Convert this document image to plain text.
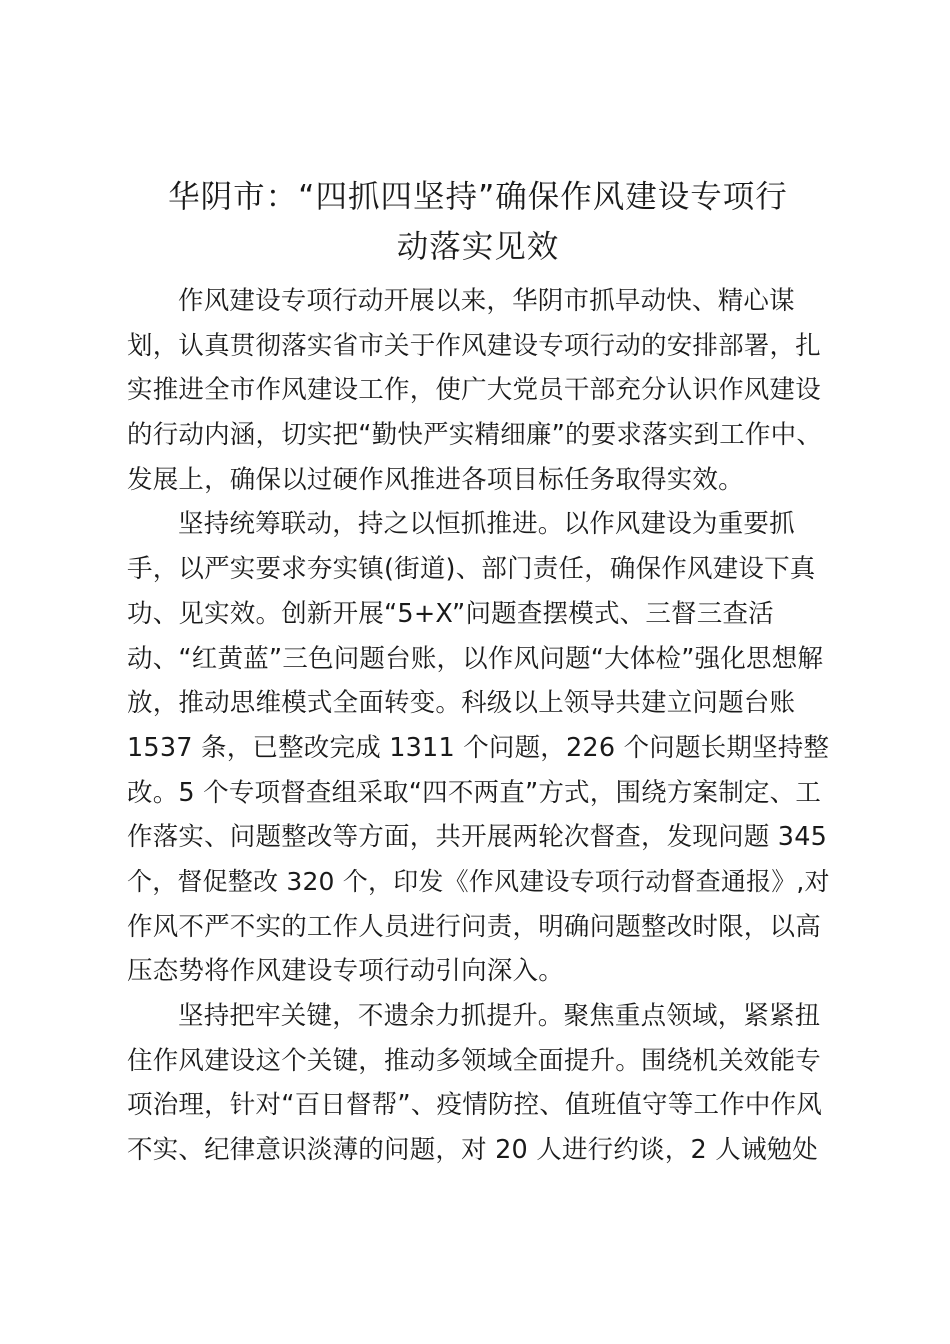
华阴市：“四抓四坚持”确保作风建设专项行
动落实见效
作风建设专项行动开展以来，华阴市抓早动快、精心谋
划，认真贯彻落实省市关于作风建设专项行动的安排部署，扎
实推进全市作风建设工作，使广大党员干部充分认识作风建设
的行动内涵，切实把“勤快严实精细廉”的要求落实到工作中、
发展上，确保以过硬作风推进各项目标任务取得实效。
坚持统筹联动，持之以恒抓推进。以作风建设为重要抓
手，以严实要求夯实镇(街道)、部门责任，确保作风建设下真
功、见实效。创新开展“5+X”问题查摆模式、三督三查活
动、“红黄蓝”三色问题台账，以作风问题“大体检”强化思想解
放，推动思维模式全面转变。科级以上领导共建立问题台账
1537 条，已整改完成 1311 个问题，226 个问题长期坚持整
改。5 个专项督查组采取“四不两直”方式，围绕方案制定、工
作落实、问题整改等方面，共开展两轮次督查，发现问题 345
个，督促整改 320 个，印发《作风建设专项行动督查通报》,对
作风不严不实的工作人员进行问责，明确问题整改时限，以高
压态势将作风建设专项行动引向深入。
坚持把牢关键，不遗余力抓提升。聚焦重点领域，紧紧扭
住作风建设这个关键，推动多领域全面提升。围绕机关效能专
项治理，针对“百日督帮”、疫情防控、值班值守等工作中作风
不实、纪律意识淡薄的问题，对 20 人进行约谈，2 人诫勉处
